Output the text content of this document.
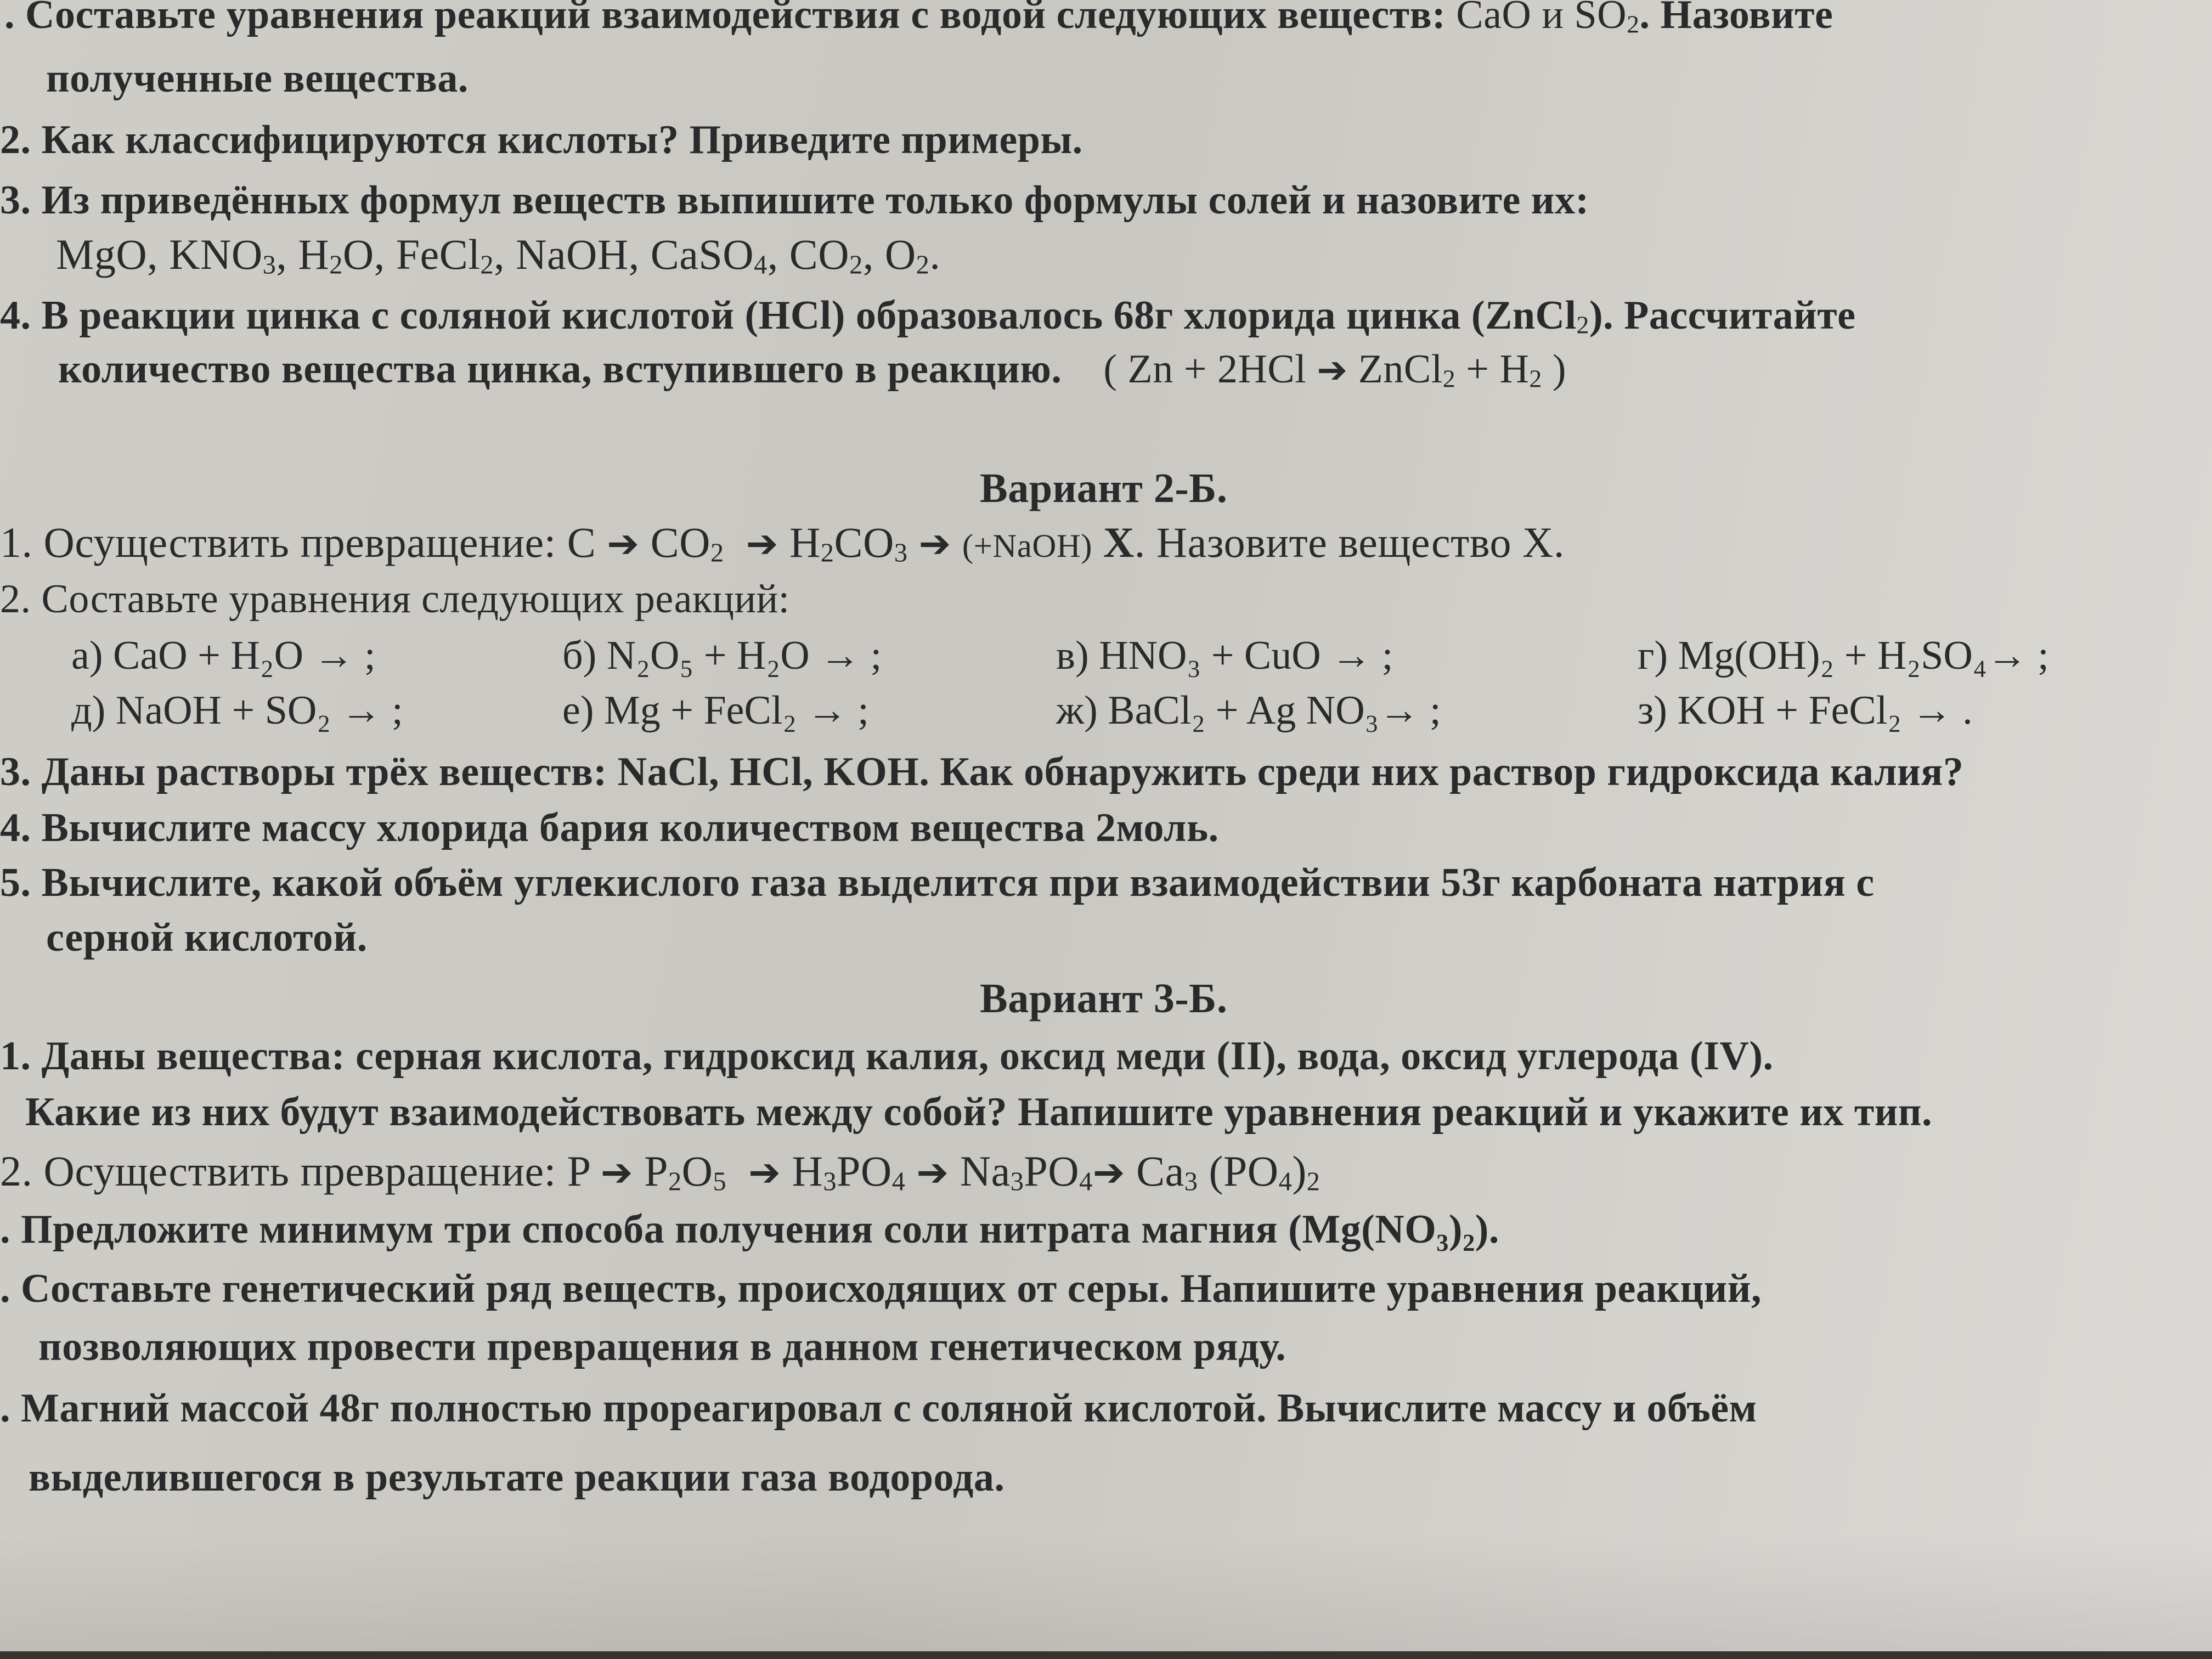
. Составьте уравнения реакций взаимодействия с водой следующих веществ: CaO и $SO_2$. Назовите
полученные вещества.
2. Как классифицируются кислоты? Приведите примеры.
3. Из приведённых формул веществ выпишите только формулы солей и назовите их:
MgO, $KNO_3$, $H_2O$, FeCl$_2$, NaOH, CaSO$_4$, $CO_2$, $O_2$.
4. В реакции цинка с соляной кислотой (HCl) образовалось 68г хлорида цинка (ZnCl$_2$). Рассчитайте
количество вещества цинка, вступившего в реакцию.    ( Zn + 2HCl ➔ ZnCl$_2$ + $H_2$ )
Вариант 2-Б.
1. Осуществить превращение: C ➔ $CO_2$ ➔ $H_2CO_3$ ➔ (+NaOH) X. Назовите вещество X.
2. Составьте уравнения следующих реакций:
а) CaO + H₂O → ;	б) N₂O₅ + H₂O → ;	в) HNO₃ + CuO → ;	г) Mg(OH)₂ + H₂SO₄→ ;
д) NaOH + SO₂ → ;	е) Mg + FeCl₂ → ;	ж) BaCl₂ + Ag NO₃→ ;	з) KOH + FeCl₂ → .
3. Даны растворы трёх веществ: NaCl, HCl, KOH. Как обнаружить среди них раствор гидроксида калия?
4. Вычислите массу хлорида бария количеством вещества 2моль.
5. Вычислите, какой объём углекислого газа выделится при взаимодействии 53г карбоната натрия с
серной кислотой.
Вариант 3-Б.
1. Даны вещества: серная кислота, гидроксид калия, оксид меди (II), вода, оксид углерода (IV).
Какие из них будут взаимодействовать между собой? Напишите уравнения реакций и укажите их тип.
2. Осуществить превращение: P ➔ $P_2O_5$ ➔ $H_3PO_4$ ➔ $Na_3PO_4➔$ $Ca_3$ $(PO_4)_2$
. Предложите минимум три способа получения соли нитрата магния (Mg(NO₃)₂).
. Составьте генетический ряд веществ, происходящих от серы. Напишите уравнения реакций,
позволяющих провести превращения в данном генетическом ряду.
. Магний массой 48г полностью прореагировал с соляной кислотой. Вычислите массу и объём
выделившегося в результате реакции газа водорода.
